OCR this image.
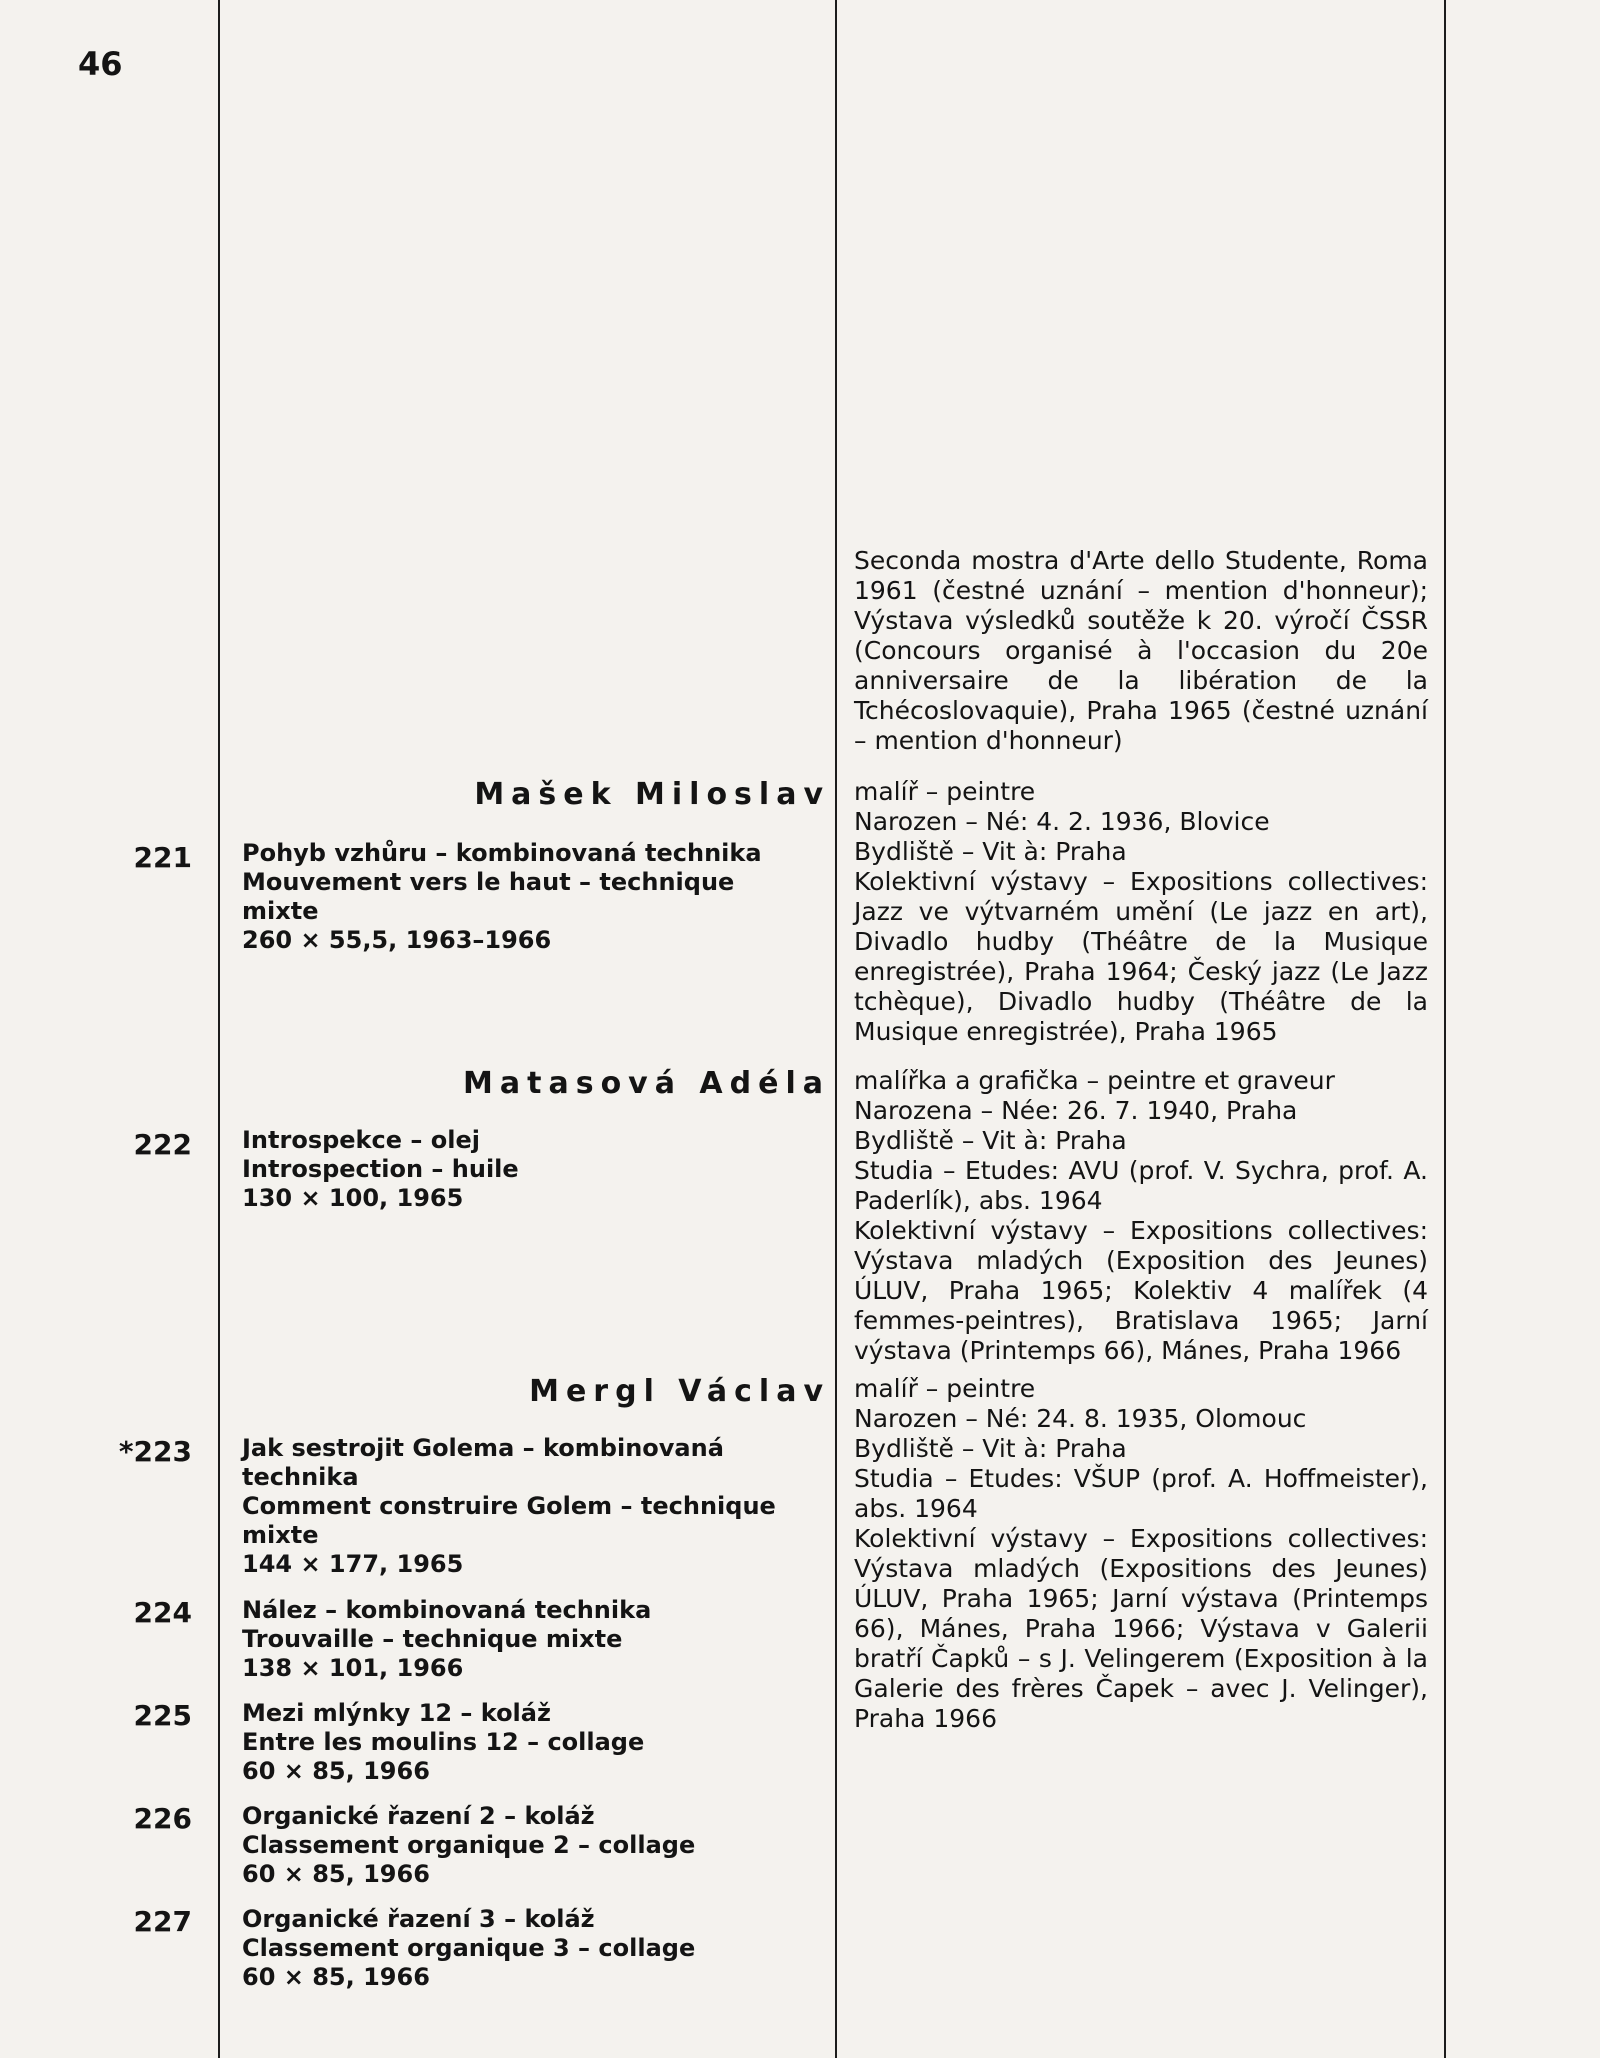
46

Seconda mostra d'Arte dello Studente, Roma 1961 (čestné uznání – mention d'honneur); Výstava výsledků soutěže k 20. výročí ČSSR (Concours organisé à l'occasion du 20e anniversaire de la libération de la Tchécoslovaquie), Praha 1965 (čestné uznání – mention d'honneur)

Mašek Miloslav malíř – peintre

Narozen – Né: 4. 2. 1936, Blovice

Bydliště – Vit à: Praha

Kolektivní výstavy – Expositions collectives: Jazz ve výtvarném umění (Le jazz en art), Divadlo hudby (Théâtre de la Musique enregistrée), Praha 1964; Český jazz (Le Jazz tchèque), Divadlo hudby (Théâtre de la Musique enregistrée), Praha 1965

221 Pohyb vzhůru – kombinovaná technika

Mouvement vers le haut – technique mixte

260 × 55,5, 1963–1966

Matasová Adéla malířka a grafička – peintre et graveur

Narozena – Née: 26. 7. 1940, Praha

Bydliště – Vit à: Praha

Studia – Etudes: AVU (prof. V. Sychra, prof. A. Paderlík), abs. 1964

Kolektivní výstavy – Expositions collectives: Výstava mladých (Exposition des Jeunes) ÚLUV, Praha 1965; Kolektiv 4 malířek (4 femmes-peintres), Bratislava 1965; Jarní výstava (Printemps 66), Mánes, Praha 1966

222 Introspekce – olej

Introspection – huile

130 × 100, 1965

Mergl Václav malíř – peintre

Narozen – Né: 24. 8. 1935, Olomouc

Bydliště – Vit à: Praha

Studia – Etudes: VŠUP (prof. A. Hoffmeister), abs. 1964

Kolektivní výstavy – Expositions collectives: Výstava mladých (Expositions des Jeunes) ÚLUV, Praha 1965; Jarní výstava (Printemps 66), Mánes, Praha 1966; Výstava v Galerii bratří Čapků – s J. Velingerem (Exposition à la Galerie des frères Čapek – avec J. Velinger), Praha 1966

*223 Jak sestrojit Golema – kombinovaná technika

Comment construire Golem – technique mixte

144 × 177, 1965

224 Nález – kombinovaná technika

Trouvaille – technique mixte

138 × 101, 1966

225 Mezi mlýnky 12 – koláž

Entre les moulins 12 – collage

60 × 85, 1966

226 Organické řazení 2 – koláž

Classement organique 2 – collage

60 × 85, 1966

227 Organické řazení 3 – koláž

Classement organique 3 – collage

60 × 85, 1966
